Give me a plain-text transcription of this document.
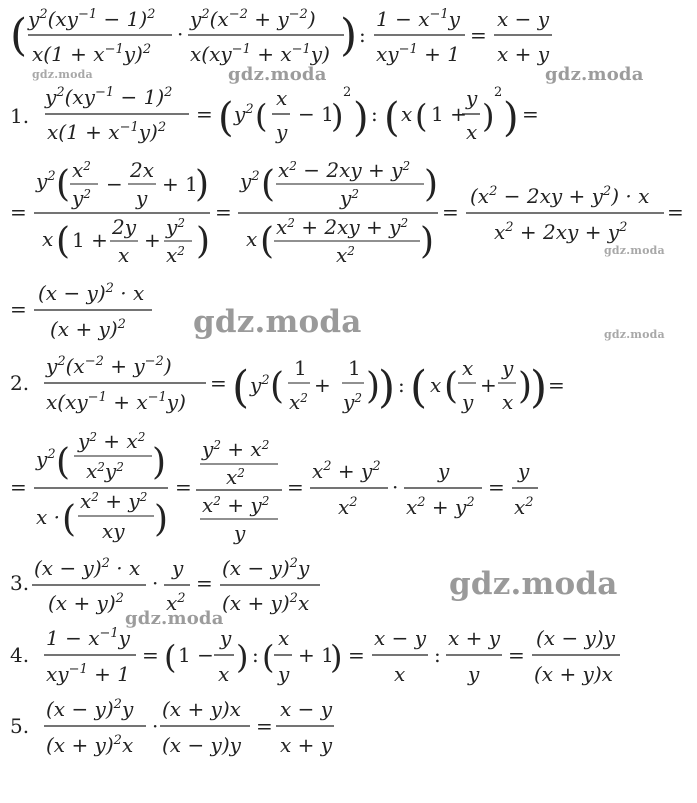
( $y^2(xy^{-1} - 1)^2$
$x(1 + x^{-1}y)^2$
·
$y^2(x^{-2} + y^{-2})$
$x(xy^{-1} + x^{-1}y)$ ) :
$1 - x^{-1}y$
$xy^{-1} + 1$
=
x − y
x + y
1.
$y^2(xy^{-1} - 1)^2$
$x(1 + x^{-1}y)^2$
= ( $y^2$ ( x
y
− 1
)
2
) : ( x ( 1 +
y
x )
2
) =
=
$y^2$ ( $x^2$
$y^2$ −
2x
y
+ 1
)
x ( 1 +
2y
x
+
$y^2$
$x^2$ )
=
$y^2$ ( $x^2 - 2xy + y^2$
$y^2$ )
x ( $x^2 + 2xy + y^2$
$x^2$ )
=
$(x^2 - 2xy + y^2) \cdot x$
$x^2 + 2xy + y^2$
=
=
$(x - y)^2 \cdot x$
$(x + y)^2$
2.
$y^2(x^{-2} + y^{-2})$
$x(xy^{-1} + x^{-1}y)$
= ( $y^2$ ( 1
$x^2$
+
1
$y^2$ )
) : ( x ( x
y
+
y
x )
) =
=
$y^2$ (
$y^2 + x^2$
$x^2y^2$ )
x · ( $x^2 + y^2$
xy )
=
$y^2 + x^2$
$x^2$
$x^2 + y^2$
y
=
$x^2 + y^2$
$x^2$
·
y
$x^2 + y^2$
=
y
$x^2$
3.
$(x - y)^2 \cdot x$
$(x + y)^2$
·
y
$x^2$
=
$(x - y)^2y$
$(x + y)^2x$
4.
$1 - x^{-1}y$
$xy^{-1} + 1$
= ( 1 −
y
x ) : ( x
y
+ 1
) =
x − y
x
:
x + y
y
=
(x − y)y
(x + y)x
5.
$(x - y)^2y$
$(x + y)^2x$
·
(x + y)x
(x − y)y
=
x − y
x + y
gdz.moda	gdz.moda	gdz.moda
gdz.moda
gdz.moda	gdz.moda
gdz.moda
gdz.moda
